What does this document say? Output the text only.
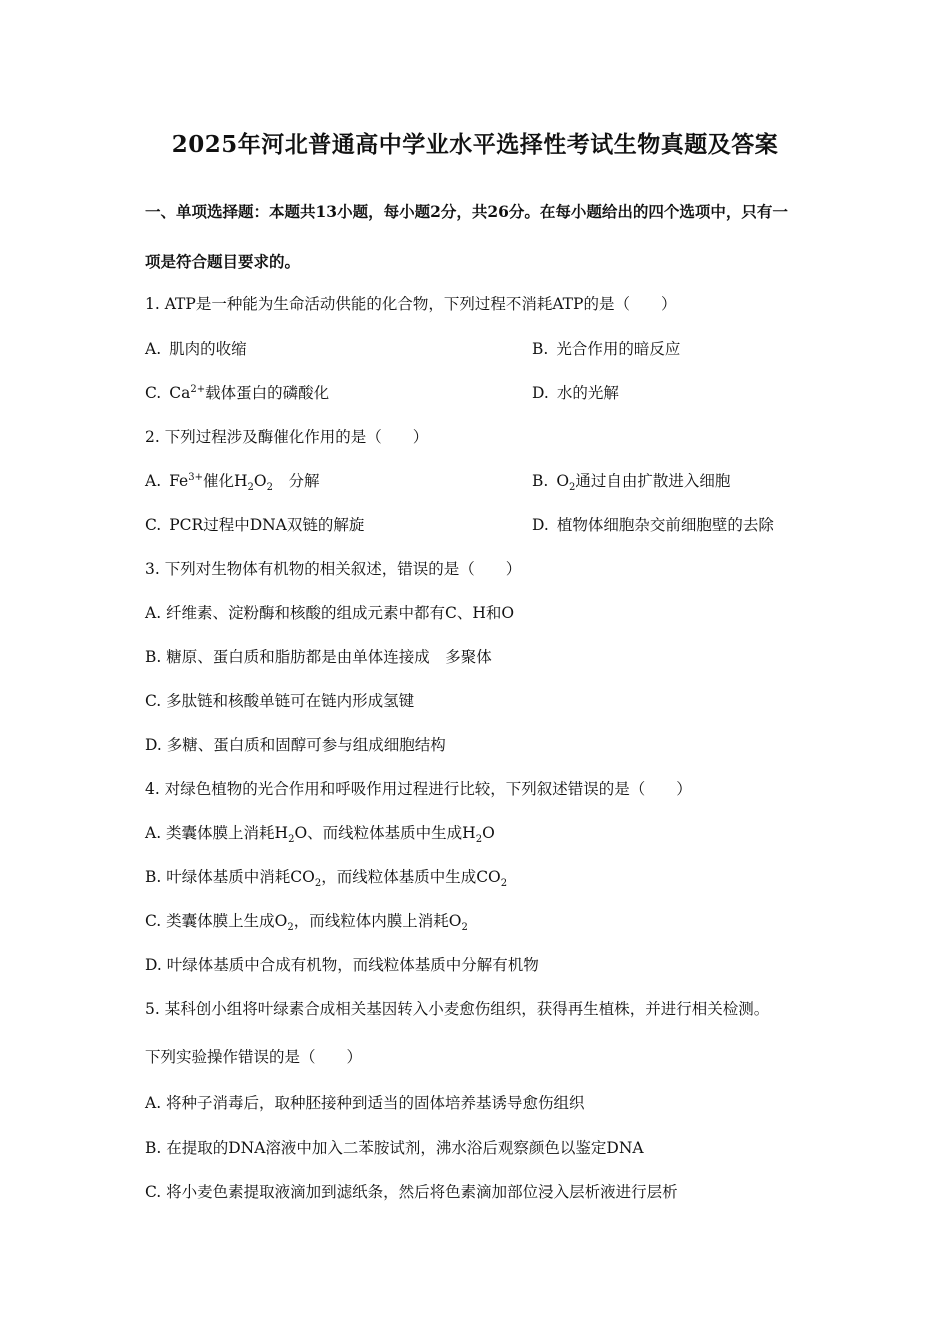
2025年河北普通高中学业水平选择性考试生物真题及答案
一、单项选择题：本题共13小题，每小题2分，共26分。在每小题给出的四个选项中，只有一
项是符合题目要求的。
1. ATP是一种能为生命活动供能的化合物，下列过程不消耗ATP的是（　　）
A. 肌肉的收缩	B. 光合作用的暗反应
C. $Ca^{2+}$载体蛋白的磷酸化	D. 水的光解
2. 下列过程涉及酶催化作用的是（　　）
A. $Fe^{3+}$催化$H_2O_2$　分解	B. $O_2$通过自由扩散进入细胞
C. PCR过程中DNA双链的解旋	D. 植物体细胞杂交前细胞壁的去除
3. 下列对生物体有机物的相关叙述，错误的是（　　）
A. 纤维素、淀粉酶和核酸的组成元素中都有C、H和O
B. 糖原、蛋白质和脂肪都是由单体连接成　多聚体
C. 多肽链和核酸单链可在链内形成氢键
D. 多糖、蛋白质和固醇可参与组成细胞结构
4. 对绿色植物的光合作用和呼吸作用过程进行比较，下列叙述错误的是（　　）
A. 类囊体膜上消耗$H_2O$、而线粒体基质中生成$H_2O$
B. 叶绿体基质中消耗$CO_2$，而线粒体基质中生成$CO_2$
C. 类囊体膜上生成$O_2$，而线粒体内膜上消耗$O_2$
D. 叶绿体基质中合成有机物，而线粒体基质中分解有机物
5. 某科创小组将叶绿素合成相关基因转入小麦愈伤组织，获得再生植株，并进行相关检测。
下列实验操作错误的是（　　）
A. 将种子消毒后，取种胚接种到适当的固体培养基诱导愈伤组织
B. 在提取的DNA溶液中加入二苯胺试剂，沸水浴后观察颜色以鉴定DNA
C. 将小麦色素提取液滴加到滤纸条，然后将色素滴加部位浸入层析液进行层析
